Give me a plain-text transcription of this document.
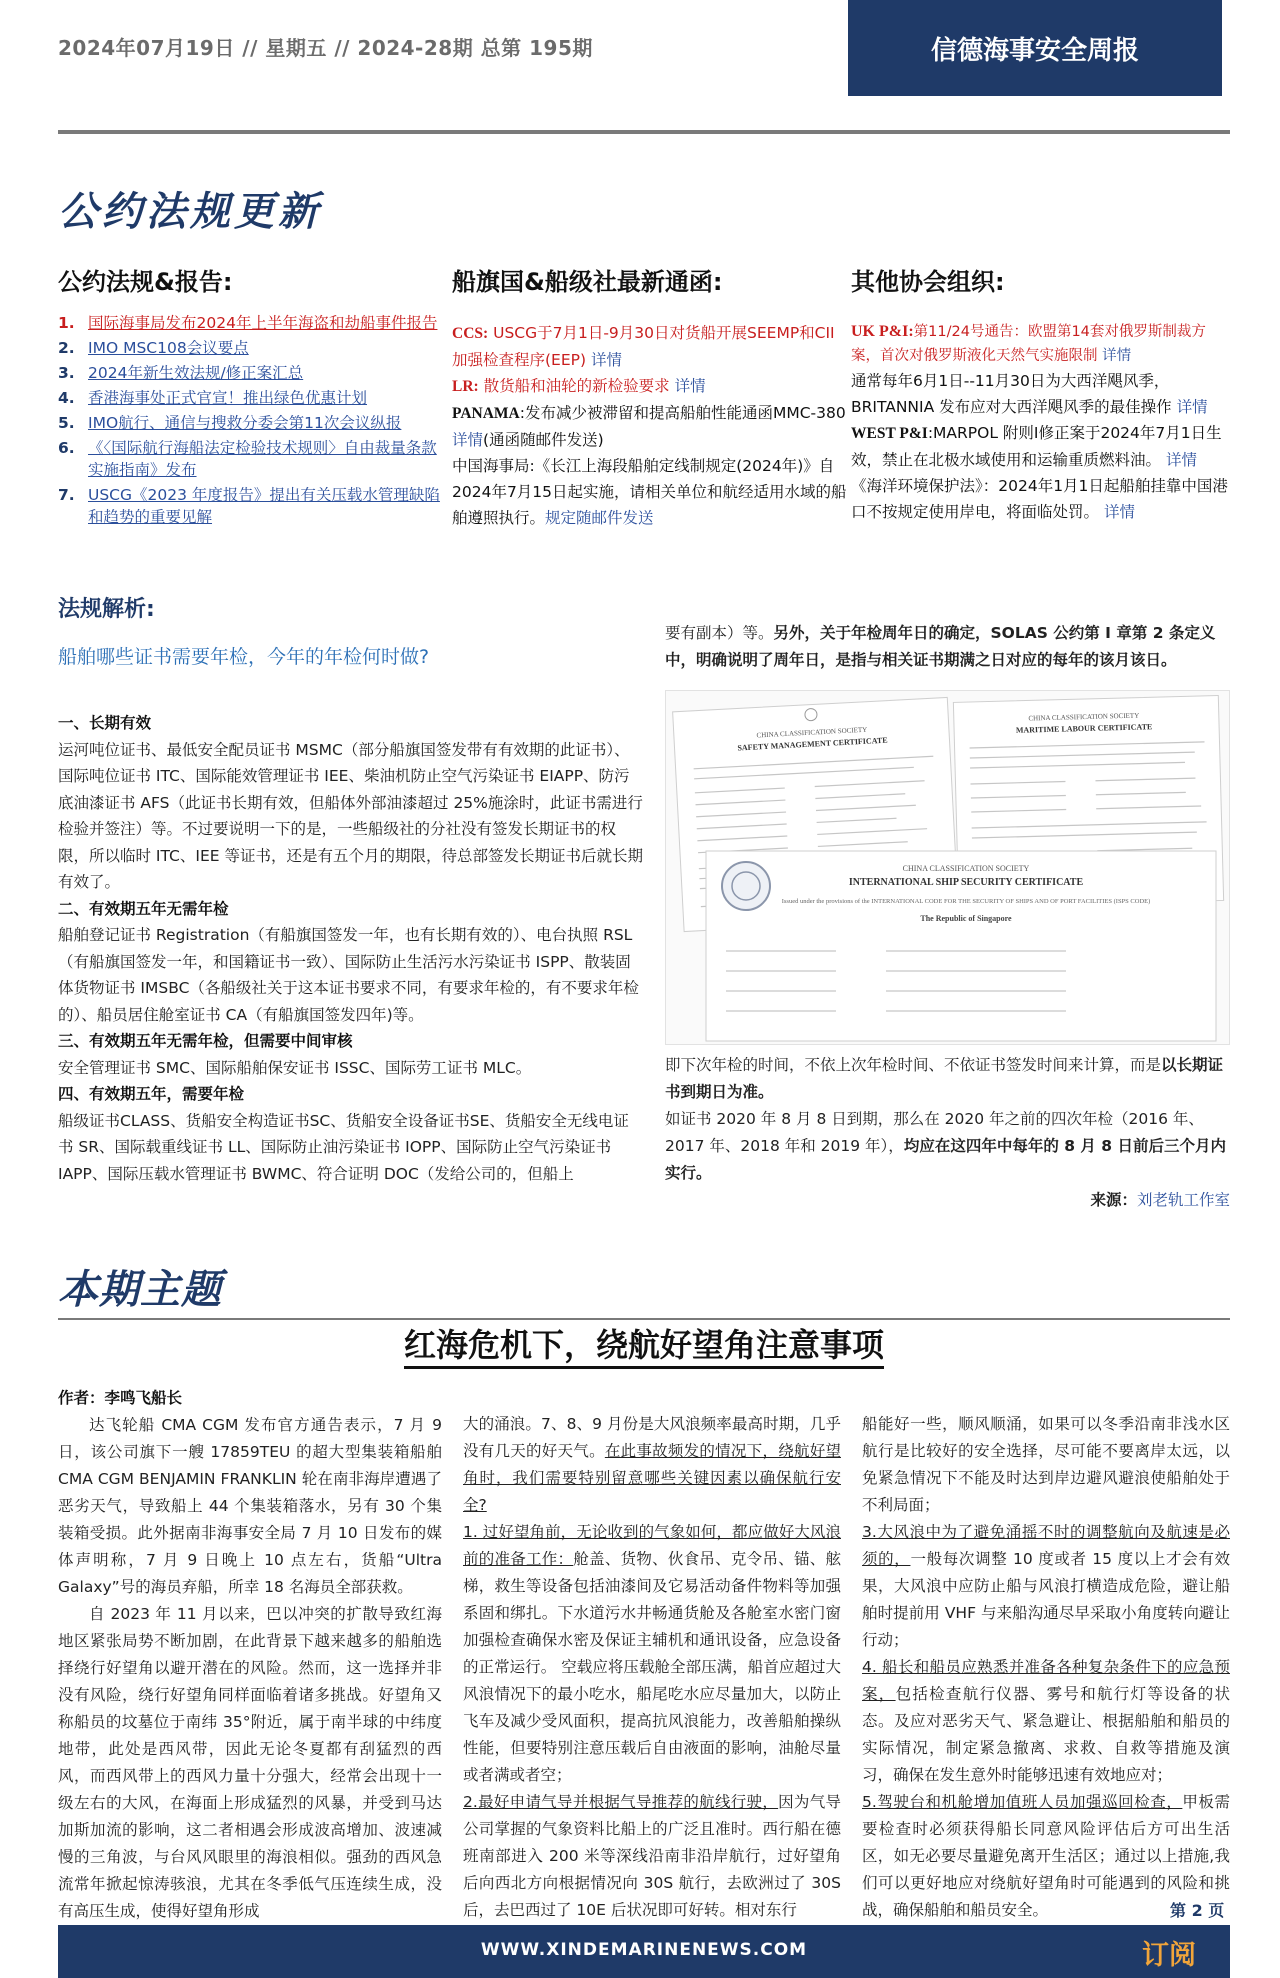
2024年07月19日 // 星期五 // 2024-28期 总第 195期	信德海事安全周报
公约法规更新
公约法规&报告:	船旗国&船级社最新通函:	其他协会组织:
1. 国际海事局发布2024年上半年海盗和劫船事件报告
2. IMO MSC108会议要点
3. 2024年新生效法规/修正案汇总
4. 香港海事处正式官宣！推出绿色优惠计划
5. IMO航行、通信与搜救分委会第11次会议纵报
6. 《〈国际航行海船法定检验技术规则〉自由裁量条款实施指南》发布
7. USCG《2023 年度报告》提出有关压载水管理缺陷和趋势的重要见解
CCS: USCG于7月1日-9月30日对货船开展SEEMP和CII加强检查程序(EEP) 详情
LR: 散货船和油轮的新检验要求 详情
PANAMA:发布减少被滞留和提高船舶性能通函MMC-380 详情(通函随邮件发送)
中国海事局:《长江上海段船舶定线制规定(2024年)》自2024年7月15日起实施，请相关单位和航经适用水域的船舶遵照执行。规定随邮件发送
UK P&I:第11/24号通告：欧盟第14套对俄罗斯制裁方案，首次对俄罗斯液化天然气实施限制 详情
通常每年6月1日--11月30日为大西洋飓风季，BRITANNIA 发布应对大西洋飓风季的最佳操作 详情
WEST P&I:MARPOL 附则I修正案于2024年7月1日生效，禁止在北极水域使用和运输重质燃料油。 详情
《海洋环境保护法》：2024年1月1日起船舶挂靠中国港口不按规定使用岸电，将面临处罚。 详情
法规解析:
船舶哪些证书需要年检，今年的年检何时做?
一、长期有效
运河吨位证书、最低安全配员证书 MSMC（部分船旗国签发带有有效期的此证书）、国际吨位证书 ITC、国际能效管理证书 IEE、柴油机防止空气污染证书 EIAPP、防污底油漆证书 AFS（此证书长期有效，但船体外部油漆超过 25%施涂时，此证书需进行检验并签注）等。不过要说明一下的是，一些船级社的分社没有签发长期证书的权限，所以临时 ITC、IEE 等证书，还是有五个月的期限，待总部签发长期证书后就长期有效了。
二、有效期五年无需年检
船舶登记证书 Registration（有船旗国签发一年，也有长期有效的）、电台执照 RSL（有船旗国签发一年，和国籍证书一致）、国际防止生活污水污染证书 ISPP、散装固体货物证书 IMSBC（各船级社关于这本证书要求不同，有要求年检的，有不要求年检的）、船员居住舱室证书 CA（有船旗国签发四年)等。
三、有效期五年无需年检，但需要中间审核
安全管理证书 SMC、国际船舶保安证书 ISSC、国际劳工证书 MLC。
四、有效期五年，需要年检
船级证书CLASS、货船安全构造证书SC、货船安全设备证书SE、货船安全无线电证书 SR、国际载重线证书 LL、国际防止油污染证书 IOPP、国际防止空气污染证书 IAPP、国际压载水管理证书 BWMC、符合证明 DOC（发给公司的，但船上
要有副本）等。另外，关于年检周年日的确定，SOLAS 公约第 I 章第 2 条定义中，明确说明了周年日，是指与相关证书期满之日对应的每年的该月该日。
CHINA CLASSIFICATION SOCIETY
SAFETY MANAGEMENT CERTIFICATE
CHINA CLASSIFICATION SOCIETY
MARITIME LABOUR CERTIFICATE
CHINA CLASSIFICATION SOCIETY
INTERNATIONAL SHIP SECURITY CERTIFICATE
Issued under the provisions of the INTERNATIONAL CODE FOR THE SECURITY OF SHIPS AND OF PORT FACILITIES (ISPS CODE)
The Republic of Singapore
即下次年检的时间，不依上次年检时间、不依证书签发时间来计算，而是以长期证书到期日为准。
如证书 2020 年 8 月 8 日到期，那么在 2020 年之前的四次年检（2016 年、2017 年、2018 年和 2019 年），均应在这四年中每年的 8 月 8 日前后三个月内实行。
来源：刘老轨工作室
本期主题
红海危机下，绕航好望角注意事项
作者：李鸣飞船长
达飞轮船 CMA CGM 发布官方通告表示，7 月 9 日，该公司旗下一艘 17859TEU 的超大型集装箱船舶 CMA CGM BENJAMIN FRANKLIN 轮在南非海岸遭遇了恶劣天气，导致船上 44 个集装箱落水，另有 30 个集装箱受损。此外据南非海事安全局 7 月 10 日发布的媒体声明称，7 月 9 日晚上 10 点左右，货船“Ultra Galaxy”号的海员弃船，所幸 18 名海员全部获救。
自 2023 年 11 月以来，巴以冲突的扩散导致红海地区紧张局势不断加剧，在此背景下越来越多的船舶选择绕行好望角以避开潜在的风险。然而，这一选择并非没有风险，绕行好望角同样面临着诸多挑战。好望角又称船员的坟墓位于南纬 35°附近，属于南半球的中纬度地带，此处是西风带，因此无论冬夏都有刮猛烈的西风，而西风带上的西风力量十分强大，经常会出现十一级左右的大风，在海面上形成猛烈的风暴，并受到马达加斯加流的影响，这二者相遇会形成波高增加、波速减慢的三角波，与台风风眼里的海浪相似。强劲的西风急流常年掀起惊涛骇浪，尤其在冬季低气压连续生成，没有高压生成，使得好望角形成
大的涌浪。7、8、9 月份是大风浪频率最高时期，几乎没有几天的好天气。在此事故频发的情况下，绕航好望角时，我们需要特别留意哪些关键因素以确保航行安全?
1. 过好望角前，无论收到的气象如何，都应做好大风浪前的准备工作：舱盖、货物、伙食吊、克令吊、锚、舷梯，救生等设备包括油漆间及它易活动备件物料等加强系固和绑扎。下水道污水井畅通货舱及各舱室水密门窗加强检查确保水密及保证主辅机和通讯设备，应急设备的正常运行。 空载应将压载舱全部压满，船首应超过大风浪情况下的最小吃水，船尾吃水应尽量加大，以防止飞车及减少受风面积，提高抗风浪能力，改善船舶操纵性能，但要特别注意压载后自由液面的影响，油舱尽量或者满或者空；
2.最好申请气导并根据气导推荐的航线行驶，因为气导公司掌握的气象资料比船上的广泛且准时。西行船在德班南部进入 200 米等深线沿南非沿岸航行，过好望角后向西北方向根据情况向 30S 航行，去欧洲过了 30S 后，去巴西过了 10E 后状况即可好转。相对东行
船能好一些，顺风顺涌，如果可以冬季沿南非浅水区航行是比较好的安全选择，尽可能不要离岸太远，以免紧急情况下不能及时达到岸边避风避浪使船舶处于不利局面；
3.大风浪中为了避免涌摇不时的调整航向及航速是必须的，一般每次调整 10 度或者 15 度以上才会有效果，大风浪中应防止船与风浪打横造成危险，避让船舶时提前用 VHF 与来船沟通尽早采取小角度转向避让行动；
4. 船长和船员应熟悉并准备各种复杂条件下的应急预案，包括检查航行仪器、雾号和航行灯等设备的状态。及应对恶劣天气、紧急避让、根据船舶和船员的实际情况，制定紧急撤离、求救、自救等措施及演习，确保在发生意外时能够迅速有效地应对；
5.驾驶台和机舱增加值班人员加强巡回检查，甲板需要检查时必须获得船长同意风险评估后方可出生活区，如无必要尽量避免离开生活区；通过以上措施,我们可以更好地应对绕航好望角时可能遇到的风险和挑战，确保船舶和船员安全。	第 2 页
WWW.XINDEMARINENEWS.COM	订阅
